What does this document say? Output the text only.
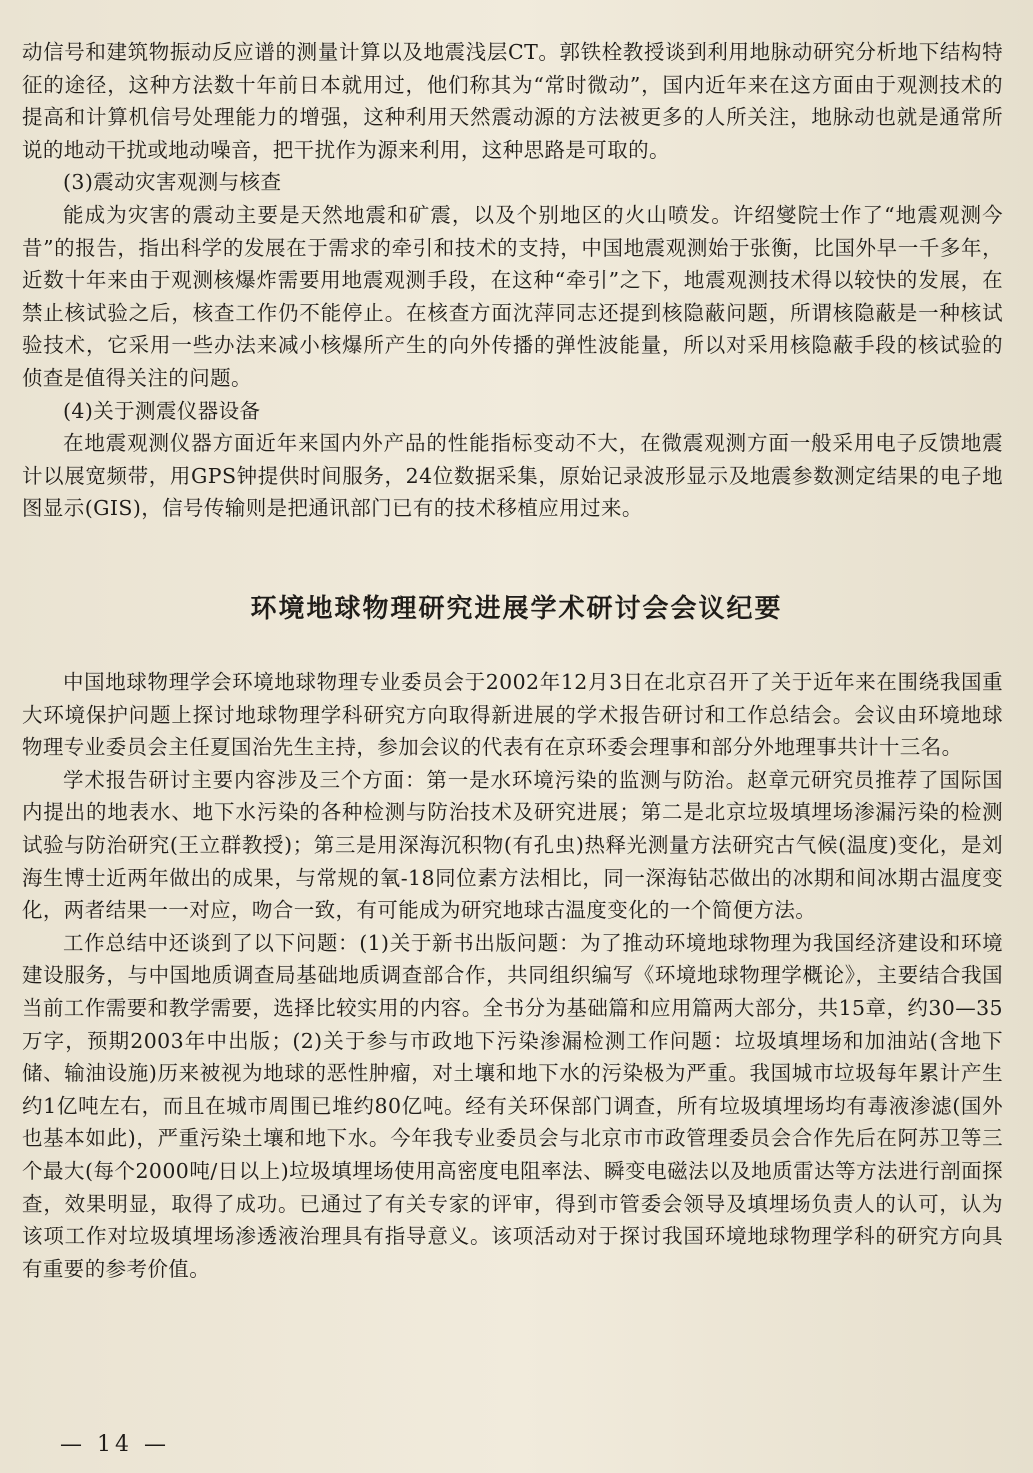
动信号和建筑物振动反应谱的测量计算以及地震浅层CT。郭铁栓教授谈到利用地脉动研究分析地下结构特征的途径，这种方法数十年前日本就用过，他们称其为“常时微动”，国内近年来在这方面由于观测技术的提高和计算机信号处理能力的增强，这种利用天然震动源的方法被更多的人所关注，地脉动也就是通常所说的地动干扰或地动噪音，把干扰作为源来利用，这种思路是可取的。

(3)震动灾害观测与核查

能成为灾害的震动主要是天然地震和矿震，以及个别地区的火山喷发。许绍燮院士作了“地震观测今昔”的报告，指出科学的发展在于需求的牵引和技术的支持，中国地震观测始于张衡，比国外早一千多年，近数十年来由于观测核爆炸需要用地震观测手段，在这种“牵引”之下，地震观测技术得以较快的发展，在禁止核试验之后，核查工作仍不能停止。在核查方面沈萍同志还提到核隐蔽问题，所谓核隐蔽是一种核试验技术，它采用一些办法来减小核爆所产生的向外传播的弹性波能量，所以对采用核隐蔽手段的核试验的侦查是值得关注的问题。

(4)关于测震仪器设备

在地震观测仪器方面近年来国内外产品的性能指标变动不大，在微震观测方面一般采用电子反馈地震计以展宽频带，用GPS钟提供时间服务，24位数据采集，原始记录波形显示及地震参数测定结果的电子地图显示(GIS)，信号传输则是把通讯部门已有的技术移植应用过来。

环境地球物理研究进展学术研讨会会议纪要

中国地球物理学会环境地球物理专业委员会于2002年12月3日在北京召开了关于近年来在围绕我国重大环境保护问题上探讨地球物理学科研究方向取得新进展的学术报告研讨和工作总结会。会议由环境地球物理专业委员会主任夏国治先生主持，参加会议的代表有在京环委会理事和部分外地理事共计十三名。

学术报告研讨主要内容涉及三个方面：第一是水环境污染的监测与防治。赵章元研究员推荐了国际国内提出的地表水、地下水污染的各种检测与防治技术及研究进展；第二是北京垃圾填埋场渗漏污染的检测试验与防治研究(王立群教授)；第三是用深海沉积物(有孔虫)热释光测量方法研究古气候(温度)变化，是刘海生博士近两年做出的成果，与常规的氧-18同位素方法相比，同一深海钻芯做出的冰期和间冰期古温度变化，两者结果一一对应，吻合一致，有可能成为研究地球古温度变化的一个简便方法。

工作总结中还谈到了以下问题：(1)关于新书出版问题：为了推动环境地球物理为我国经济建设和环境建设服务，与中国地质调查局基础地质调查部合作，共同组织编写《环境地球物理学概论》，主要结合我国当前工作需要和教学需要，选择比较实用的内容。全书分为基础篇和应用篇两大部分，共15章，约30—35万字，预期2003年中出版；(2)关于参与市政地下污染渗漏检测工作问题：垃圾填埋场和加油站(含地下储、输油设施)历来被视为地球的恶性肿瘤，对土壤和地下水的污染极为严重。我国城市垃圾每年累计产生约1亿吨左右，而且在城市周围已堆约80亿吨。经有关环保部门调查，所有垃圾填埋场均有毒液渗滤(国外也基本如此)，严重污染土壤和地下水。今年我专业委员会与北京市市政管理委员会合作先后在阿苏卫等三个最大(每个2000吨/日以上)垃圾填埋场使用高密度电阻率法、瞬变电磁法以及地质雷达等方法进行剖面探查，效果明显，取得了成功。已通过了有关专家的评审，得到市管委会领导及填埋场负责人的认可，认为该项工作对垃圾填埋场渗透液治理具有指导意义。该项活动对于探讨我国环境地球物理学科的研究方向具有重要的参考价值。

— 14 —
